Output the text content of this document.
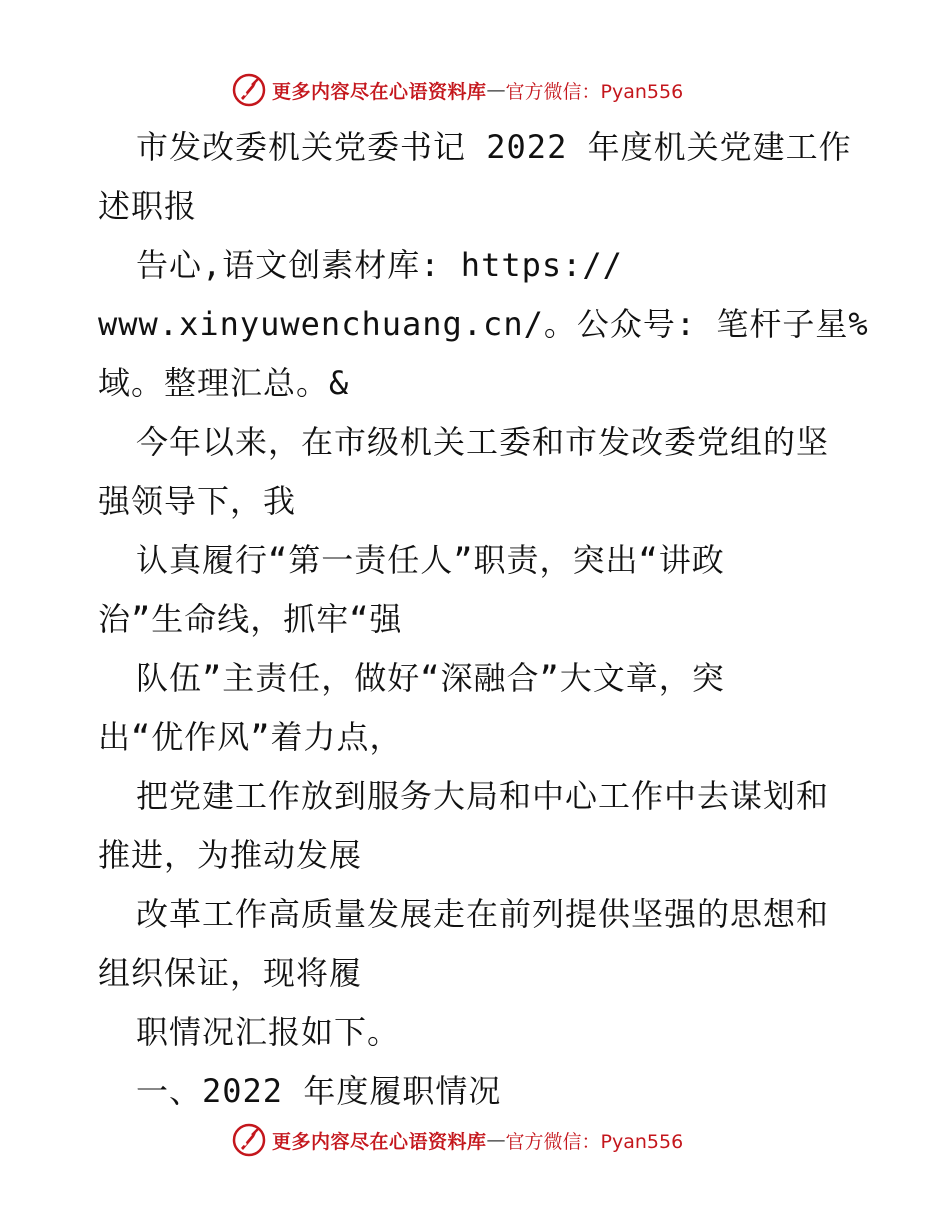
更多内容尽在心语资料库 — 官方微信：Pyan556
市发改委机关党委书记 2022 年度机关党建工作
述职报
告心,语文创素材库: https://
www.xinyuwenchuang.cn/。公众号: 笔杆子星%
域。整理汇总。&
今年以来，在市级机关工委和市发改委党组的坚
强领导下，我
认真履行“第一责任人”职责，突出“讲政
治”生命线，抓牢“强
队伍”主责任，做好“深融合”大文章，突
出“优作风”着力点，
把党建工作放到服务大局和中心工作中去谋划和
推进，为推动发展
改革工作高质量发展走在前列提供坚强的思想和
组织保证，现将履
职情况汇报如下。
一、2022 年度履职情况
更多内容尽在心语资料库 — 官方微信：Pyan556
